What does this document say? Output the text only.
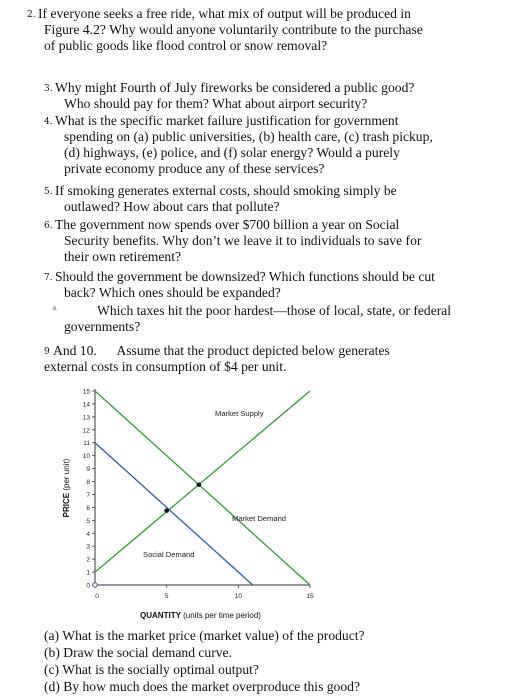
2. If everyone seeks a free ride, what mix of output will be produced in
Figure 4.2? Why would anyone voluntarily contribute to the purchase
of public goods like flood control or snow removal?
3. Why might Fourth of July fireworks be considered a public good?
Who should pay for them? What about airport security?
4. What is the specific market failure justification for government
spending on (a) public universities, (b) health care, (c) trash pickup,
(d) highways, (e) police, and (f) solar energy? Would a purely
private economy produce any of these services?
5. If smoking generates external costs, should smoking simply be
outlawed? How about cars that pollute?
6. The government now spends over $700 billion a year on Social
Security benefits. Why don’t we leave it to individuals to save for
their own retirement?
7. Should the government be downsized? Which functions should be cut
back? Which ones should be expanded?
8.	Which taxes hit the poor hardest—those of local, state, or federal
governments?
9 And 10.      Assume that the product depicted below generates
external costs in consumption of $4 per unit.
0
1
2
3
4
5
6
7
8
9
10
11
12
13
14
15
0	5	10	15
Market Supply
Market Demand
Social Demand
PRICE (per unit)
QUANTITY (units per time period)
(a) What is the market price (market value) of the product?
(b) Draw the social demand curve.
(c) What is the socially optimal output?
(d) By how much does the market overproduce this good?
